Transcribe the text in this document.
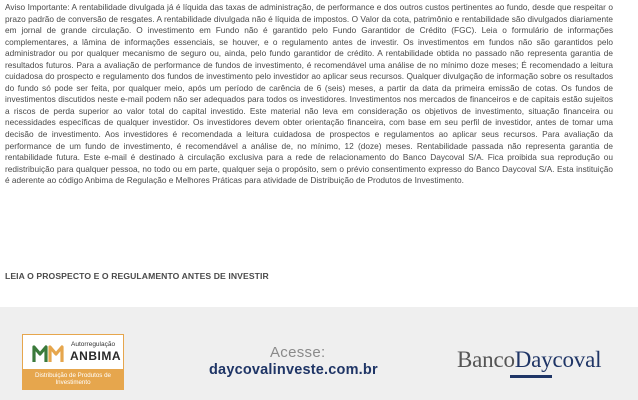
Aviso Importante: A rentabilidade divulgada já é líquida das taxas de administração, de performance e dos outros custos pertinentes ao fundo, desde que respeitar o prazo padrão de conversão de resgates. A rentabilidade divulgada não é líquida de impostos. O Valor da cota, patrimônio e rentabilidade são divulgados diariamente em jornal de grande circulação. O investimento em Fundo não é garantido pelo Fundo Garantidor de Crédito (FGC). Leia o formulário de informações complementares, a lâmina de informações essenciais, se houver, e o regulamento antes de investir. Os investimentos em fundos não são garantidos pelo administrador ou por qualquer mecanismo de seguro ou, ainda, pelo fundo garantidor de crédito. A rentabilidade obtida no passado não representa garantia de resultados futuros. Para a avaliação de performance de fundos de investimento, é recomendável uma análise de no mínimo doze meses; É recomendado a leitura cuidadosa do prospecto e regulamento dos fundos de investimento pelo investidor ao aplicar seus recursos. Qualquer divulgação de informação sobre os resultados do fundo só pode ser feita, por qualquer meio, após um período de carência de 6 (seis) meses, a partir da data da primeira emissão de cotas. Os fundos de investimentos discutidos neste e-mail podem não ser adequados para todos os investidores. Investimentos nos mercados de financeiros e de capitais estão sujeitos a riscos de perda superior ao valor total do capital investido. Este material não leva em consideração os objetivos de investimento, situação financeira ou necessidades específicas de qualquer investidor. Os investidores devem obter orientação financeira, com base em seu perfil de investidor, antes de tomar uma decisão de investimento. Aos investidores é recomendada a leitura cuidadosa de prospectos e regulamentos ao aplicar seus recursos. Para avaliação da performance de um fundo de investimento, é recomendável a análise de, no mínimo, 12 (doze) meses. Rentabilidade passada não representa garantia de rentabilidade futura. Este e-mail é destinado à circulação exclusiva para a rede de relacionamento do Banco Daycoval S/A. Fica proibida sua reprodução ou redistribuição para qualquer pessoa, no todo ou em parte, qualquer seja o propósito, sem o prévio consentimento expresso do Banco Daycoval S/A. Esta instituição é aderente ao código Anbima de Regulação e Melhores Práticas para atividade de Distribuição de Produtos de Investimento.

LEIA O PROSPECTO E O REGULAMENTO ANTES DE INVESTIR

Autorregulação
ANBIMA
Distribuição de Produtos de Investimento
Acesse:
daycovalinveste.com.br	BancoDaycoval
